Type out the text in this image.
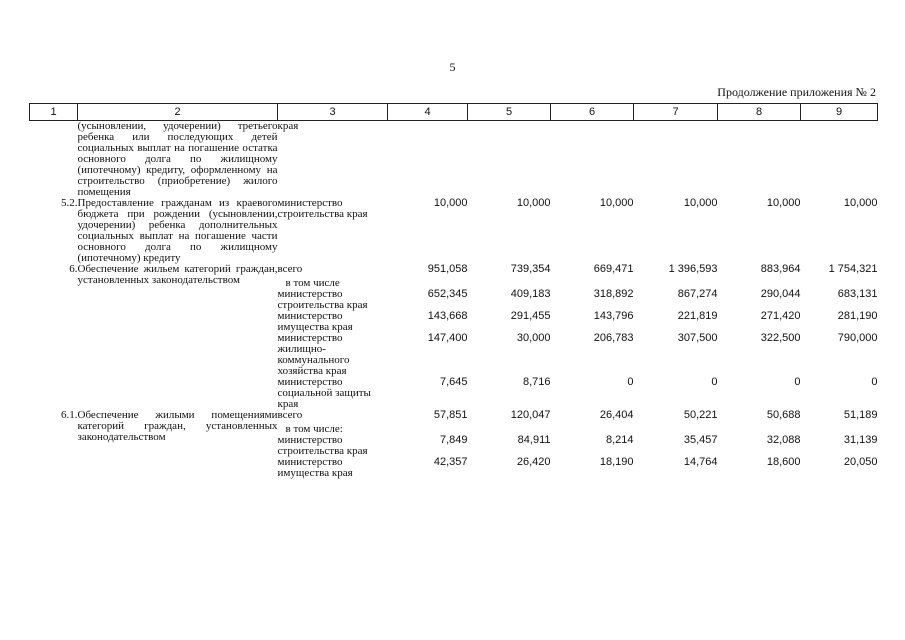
5
Продолжение приложения № 2
1	2	3	4	5	6	7	8	9
	(усыновлении, удочерении) третьего ребенка или последующих детей социальных выплат на погашение остатка основного долга по жилищному (ипотечному) кредиту, оформленному на строительство (приобретение) жилого помещения	края						
5.2.	Предоставление гражданам из краевого бюджета при рождении (усыновлении, удочерении) ребенка дополнительных социальных выплат на погашение части основного долга по жилищному (ипотечному) кредиту	министерство строительства края	10,000	10,000	10,000	10,000	10,000	10,000
6.	Обеспечение жильем категорий граждан, установленных законодательством	всего	951,058	739,354	669,471	1 396,593	883,964	1 754,321
		в том числе						
		министерство строительства края	652,345	409,183	318,892	867,274	290,044	683,131
		министерство имущества края	143,668	291,455	143,796	221,819	271,420	281,190
		министерство жилищно-коммунального хозяйства края	147,400	30,000	206,783	307,500	322,500	790,000
		министерство социальной защиты края	7,645	8,716	0	0	0	0
6.1.	Обеспечение жилыми помещениями категорий граждан, установленных законодательством	всего	57,851	120,047	26,404	50,221	50,688	51,189
		в том числе:						
		министерство строительства края	7,849	84,911	8,214	35,457	32,088	31,139
		министерство имущества края	42,357	26,420	18,190	14,764	18,600	20,050
